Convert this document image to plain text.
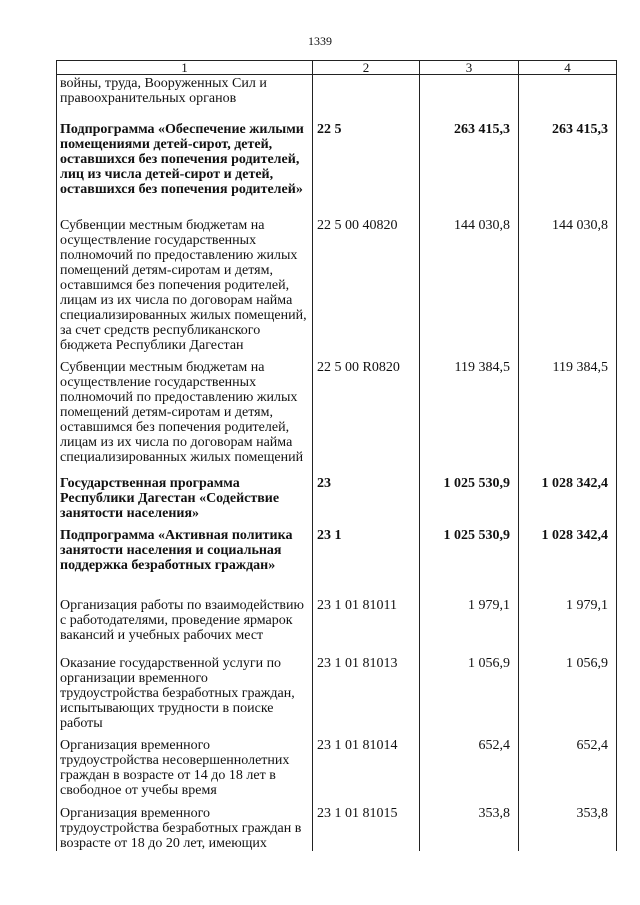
1339
1	2	3	4
войны, труда, Вооруженных Сил и правоохранительных органов			
Подпрограмма «Обеспечение жилыми помещениями детей-сирот, детей, оставшихся без попечения родителей, лиц из числа детей-сирот и детей, оставшихся без попечения родителей»	22 5	263 415,3	263 415,3
Субвенции местным бюджетам на осуществление государственных полномочий по предоставлению жилых помещений детям-сиротам и детям, оставшимся без попечения родителей, лицам из их числа по договорам найма специализированных жилых помещений, за счет средств республиканского бюджета Республики Дагестан	22 5 00 40820	144 030,8	144 030,8
Субвенции местным бюджетам на осуществление государственных полномочий по предоставлению жилых помещений детям-сиротам и детям, оставшимся без попечения родителей, лицам из их числа по договорам найма специализированных жилых помещений	22 5 00 R0820	119 384,5	119 384,5
Государственная программа Республики Дагестан «Содействие занятости населения»	23	1 025 530,9	1 028 342,4
Подпрограмма «Активная политика занятости населения и социальная поддержка безработных граждан»	23 1	1 025 530,9	1 028 342,4
Организация работы по взаимодействию с работодателями, проведение ярмарок вакансий и учебных рабочих мест	23 1 01 81011	1 979,1	1 979,1
Оказание государственной услуги по организации временного трудоустройства безработных граждан, испытывающих трудности в поиске работы	23 1 01 81013	1 056,9	1 056,9
Организация временного трудоустройства несовершеннолетних граждан в возрасте от 14 до 18 лет в свободное от учебы время	23 1 01 81014	652,4	652,4
Организация временного трудоустройства безработных граждан в возрасте от 18 до 20 лет, имеющих	23 1 01 81015	353,8	353,8
